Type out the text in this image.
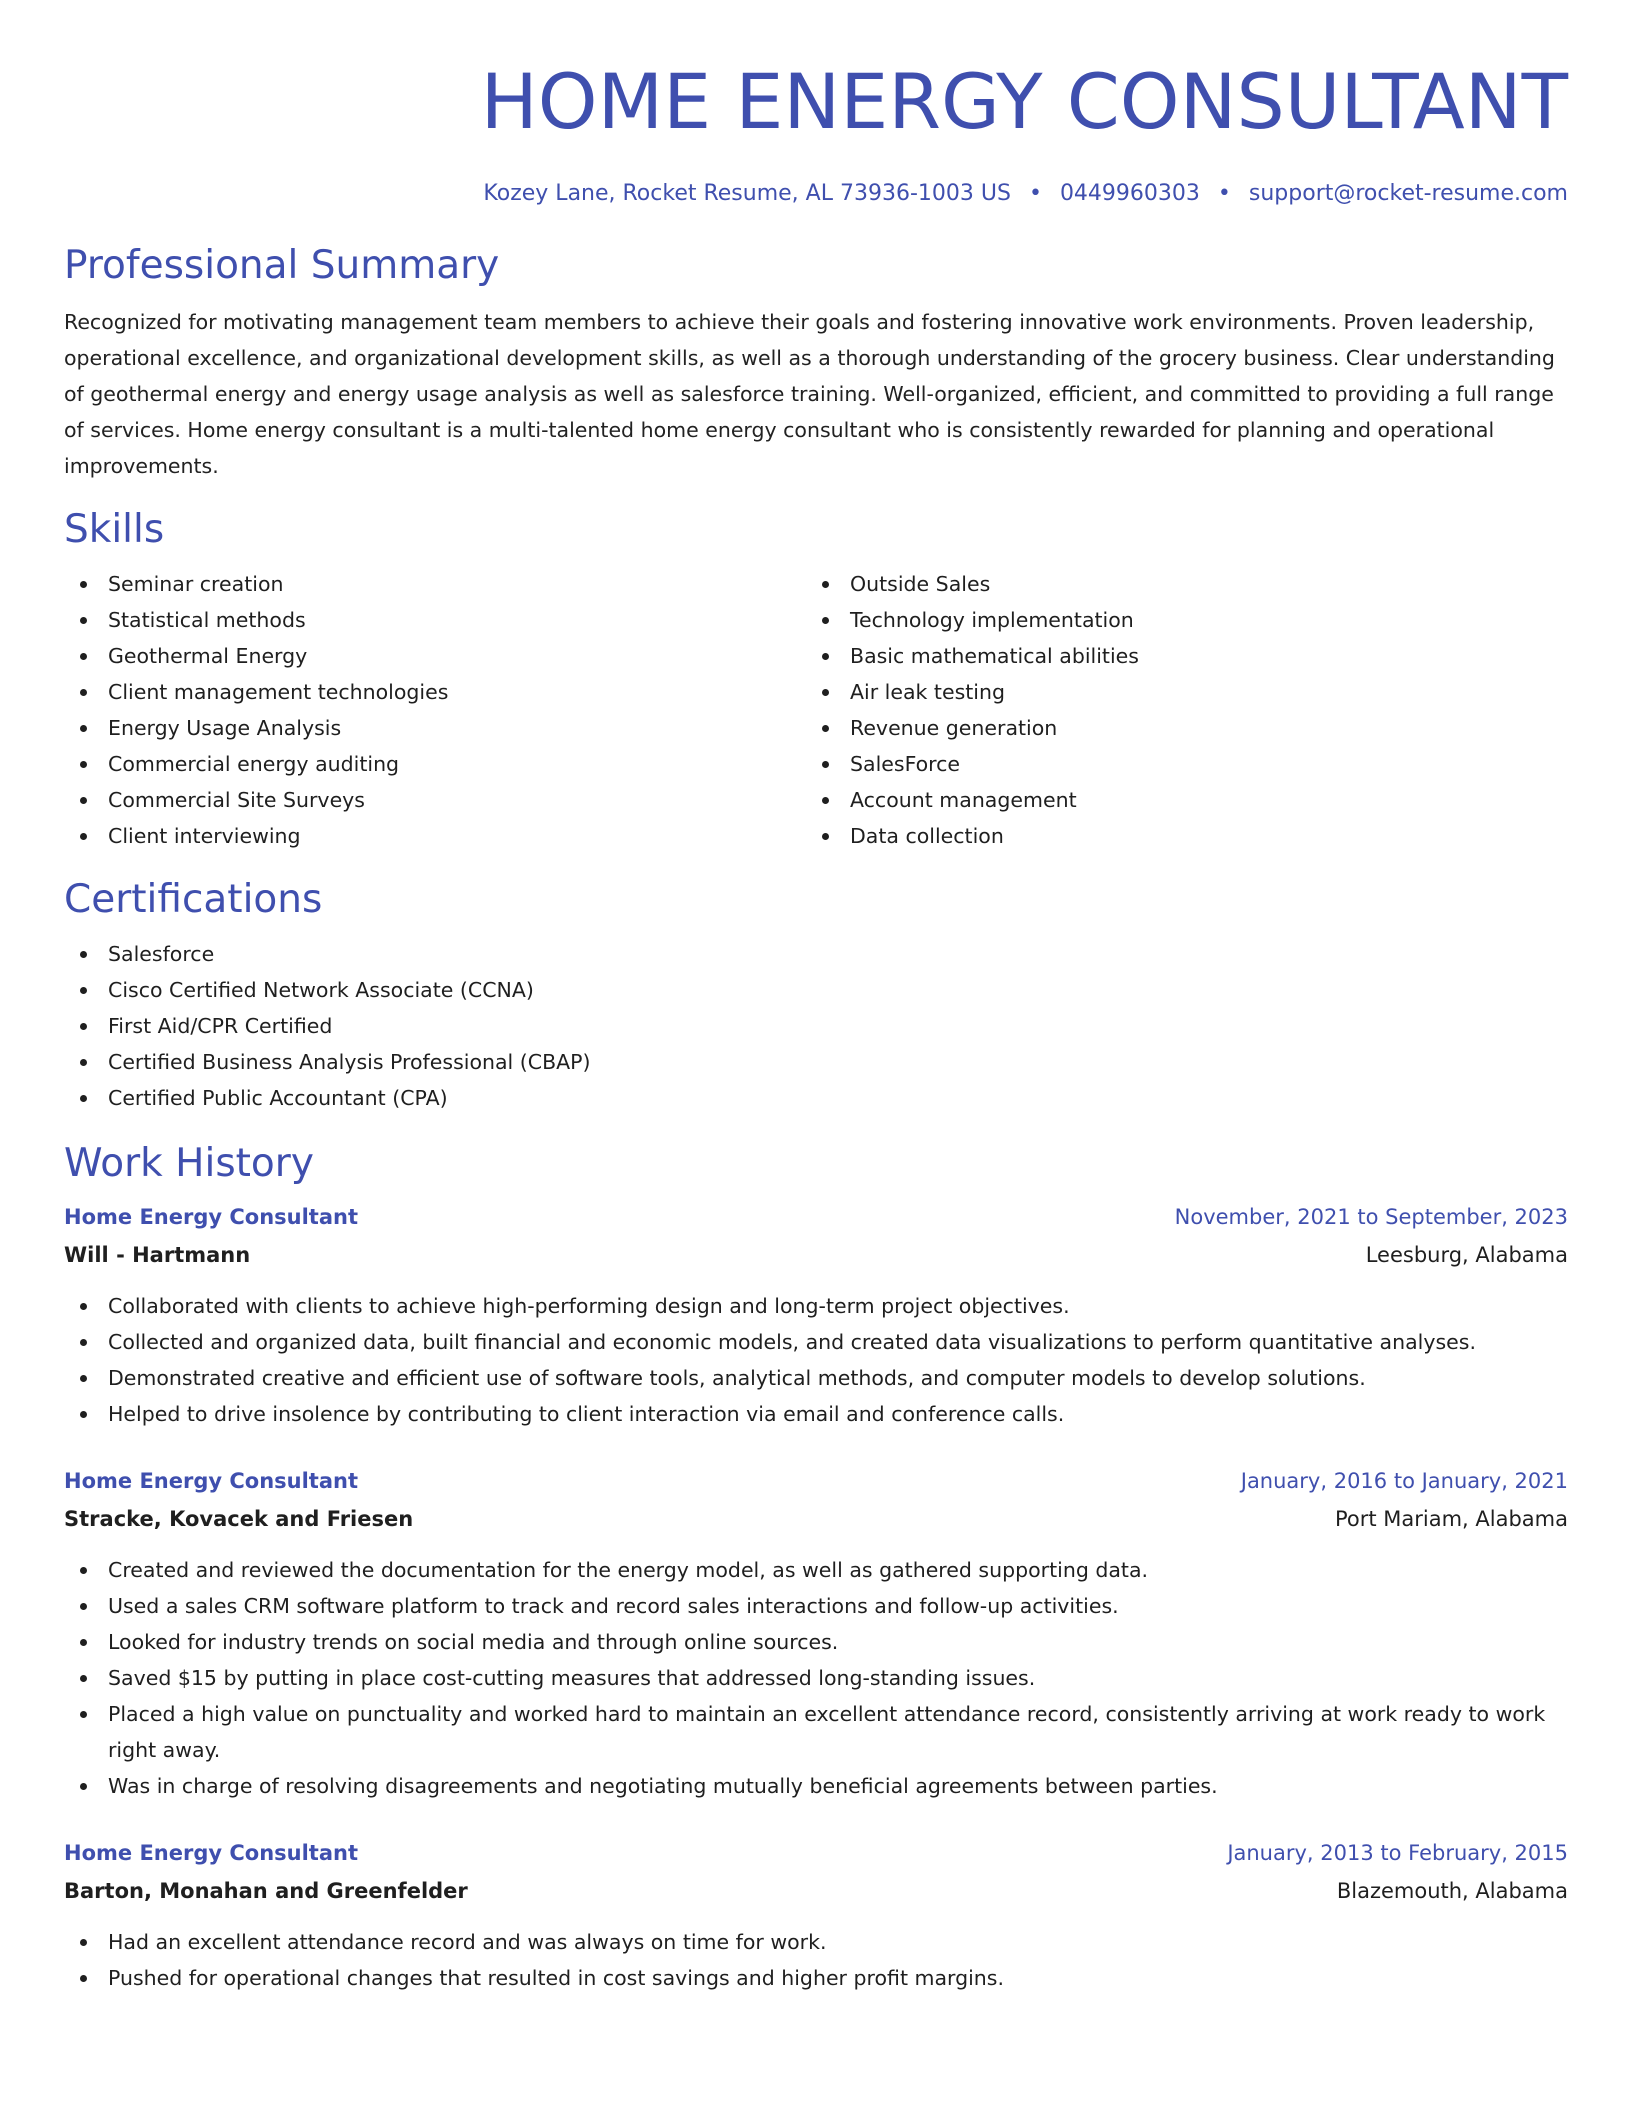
HOME ENERGY CONSULTANT
Kozey Lane, Rocket Resume, AL 73936-1003 US • 0449960303 • support@rocket-resume.com
Professional Summary

Recognized for motivating management team members to achieve their goals and fostering innovative work environments. Proven leadership, operational excellence, and organizational development skills, as well as a thorough understanding of the grocery business. Clear understanding of geothermal energy and energy usage analysis as well as salesforce training. Well-organized, efficient, and committed to providing a full range of services. Home energy consultant is a multi-talented home energy consultant who is consistently rewarded for planning and operational improvements.

Skills
Seminar creation
Statistical methods
Geothermal Energy
Client management technologies
Energy Usage Analysis
Commercial energy auditing
Commercial Site Surveys
Client interviewing
Outside Sales
Technology implementation
Basic mathematical abilities
Air leak testing
Revenue generation
SalesForce
Account management
Data collection
Certifications
Salesforce
Cisco Certified Network Associate (CCNA)
First Aid/CPR Certified
Certified Business Analysis Professional (CBAP)
Certified Public Accountant (CPA)
Work History
Home Energy Consultant	November, 2021 to September, 2023
Will - Hartmann	Leesburg, Alabama
Collaborated with clients to achieve high-performing design and long-term project objectives.
Collected and organized data, built financial and economic models, and created data visualizations to perform quantitative analyses.
Demonstrated creative and efficient use of software tools, analytical methods, and computer models to develop solutions.
Helped to drive insolence by contributing to client interaction via email and conference calls.
Home Energy Consultant	January, 2016 to January, 2021
Stracke, Kovacek and Friesen	Port Mariam, Alabama
Created and reviewed the documentation for the energy model, as well as gathered supporting data.
Used a sales CRM software platform to track and record sales interactions and follow-up activities.
Looked for industry trends on social media and through online sources.
Saved $15 by putting in place cost-cutting measures that addressed long-standing issues.
Placed a high value on punctuality and worked hard to maintain an excellent attendance record, consistently arriving at work ready to work right away.
Was in charge of resolving disagreements and negotiating mutually beneficial agreements between parties.
Home Energy Consultant	January, 2013 to February, 2015
Barton, Monahan and Greenfelder	Blazemouth, Alabama
Had an excellent attendance record and was always on time for work.
Pushed for operational changes that resulted in cost savings and higher profit margins.
